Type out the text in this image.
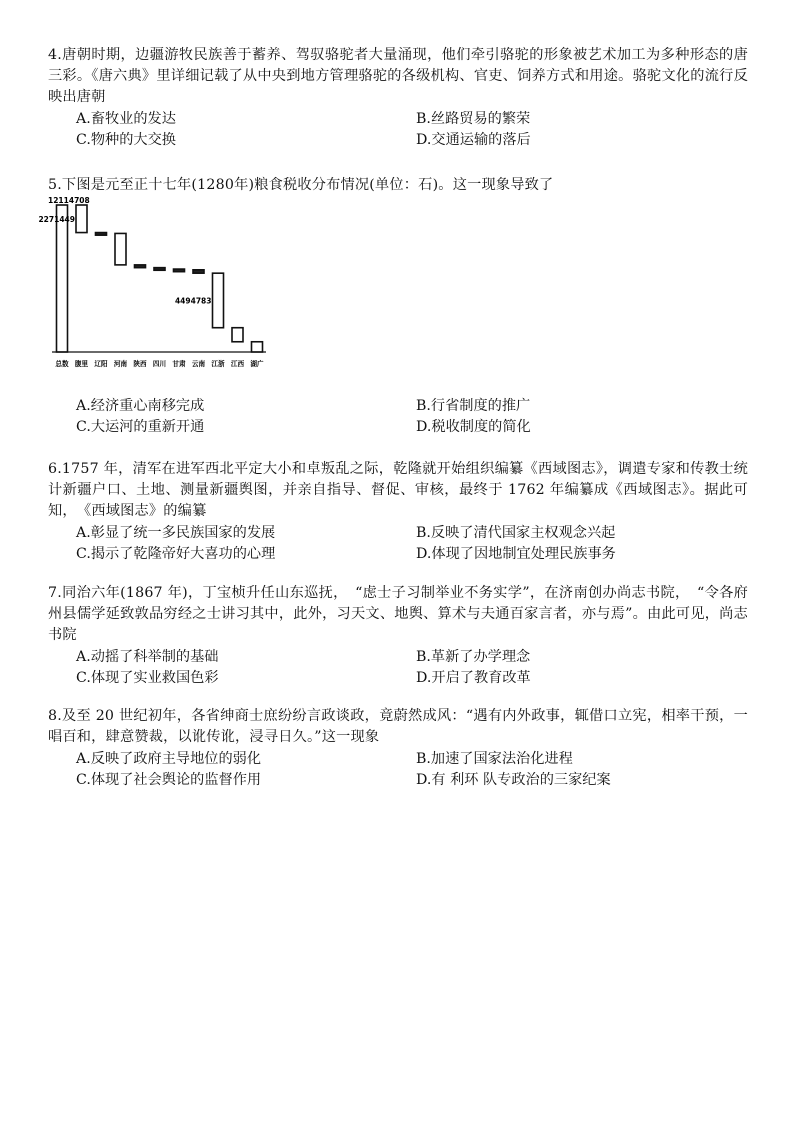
4.唐朝时期，边疆游牧民族善于蓄养、驾驭骆驼者大量涌现，他们牵引骆驼的形象被艺术加工为多种形态的唐三彩。《唐六典》里详细记载了从中央到地方管理骆驼的各级机构、官吏、饲养方式和用途。骆驼文化的流行反映出唐朝
A.畜牧业的发达	B.丝路贸易的繁荣
C.物种的大交换	D.交通运输的落后
5.下图是元至正十七年(1280年)粮食税收分布情况(单位：石)。这一现象导致了
12114708
2271449
4494783
总数 腹里 辽阳 河南 陕西 四川 甘肃 云南 江浙 江西 湖广
A.经济重心南移完成	B.行省制度的推广
C.大运河的重新开通	D.税收制度的简化
6.1757 年，清军在进军西北平定大小和卓叛乱之际，乾隆就开始组织编纂《西域图志》，调遣专家和传教士统计新疆户口、土地、测量新疆舆图，并亲自指导、督促、审核，最终于 1762 年编纂成《西域图志》。据此可知，　《西域图志》的编纂
A.彰显了统一多民族国家的发展	B.反映了清代国家主权观念兴起
C.揭示了乾隆帝好大喜功的心理	D.体现了因地制宜处理民族事务
7.同治六年(1867 年)，丁宝桢升任山东巡抚，　“虑士子习制举业不务实学”，在济南创办尚志书院，　“令各府州县儒学延致敦品穷经之士讲习其中，此外，习天文、地舆、算术与夫通百家言者，亦与焉”。由此可见，尚志书院
A.动摇了科举制的基础	B.革新了办学理念
C.体现了实业救国色彩	D.开启了教育改革
8.及至 20 世纪初年，各省绅商士庶纷纷言政谈政，竟蔚然成风：“遇有内外政事，辄借口立宪，相率干预，一唱百和，肆意赞裁，以讹传讹，浸寻日久。”这一现象
A.反映了政府主导地位的弱化	B.加速了国家法治化进程
C.体现了社会舆论的监督作用	D.有 利环 队专政治的三家纪案
